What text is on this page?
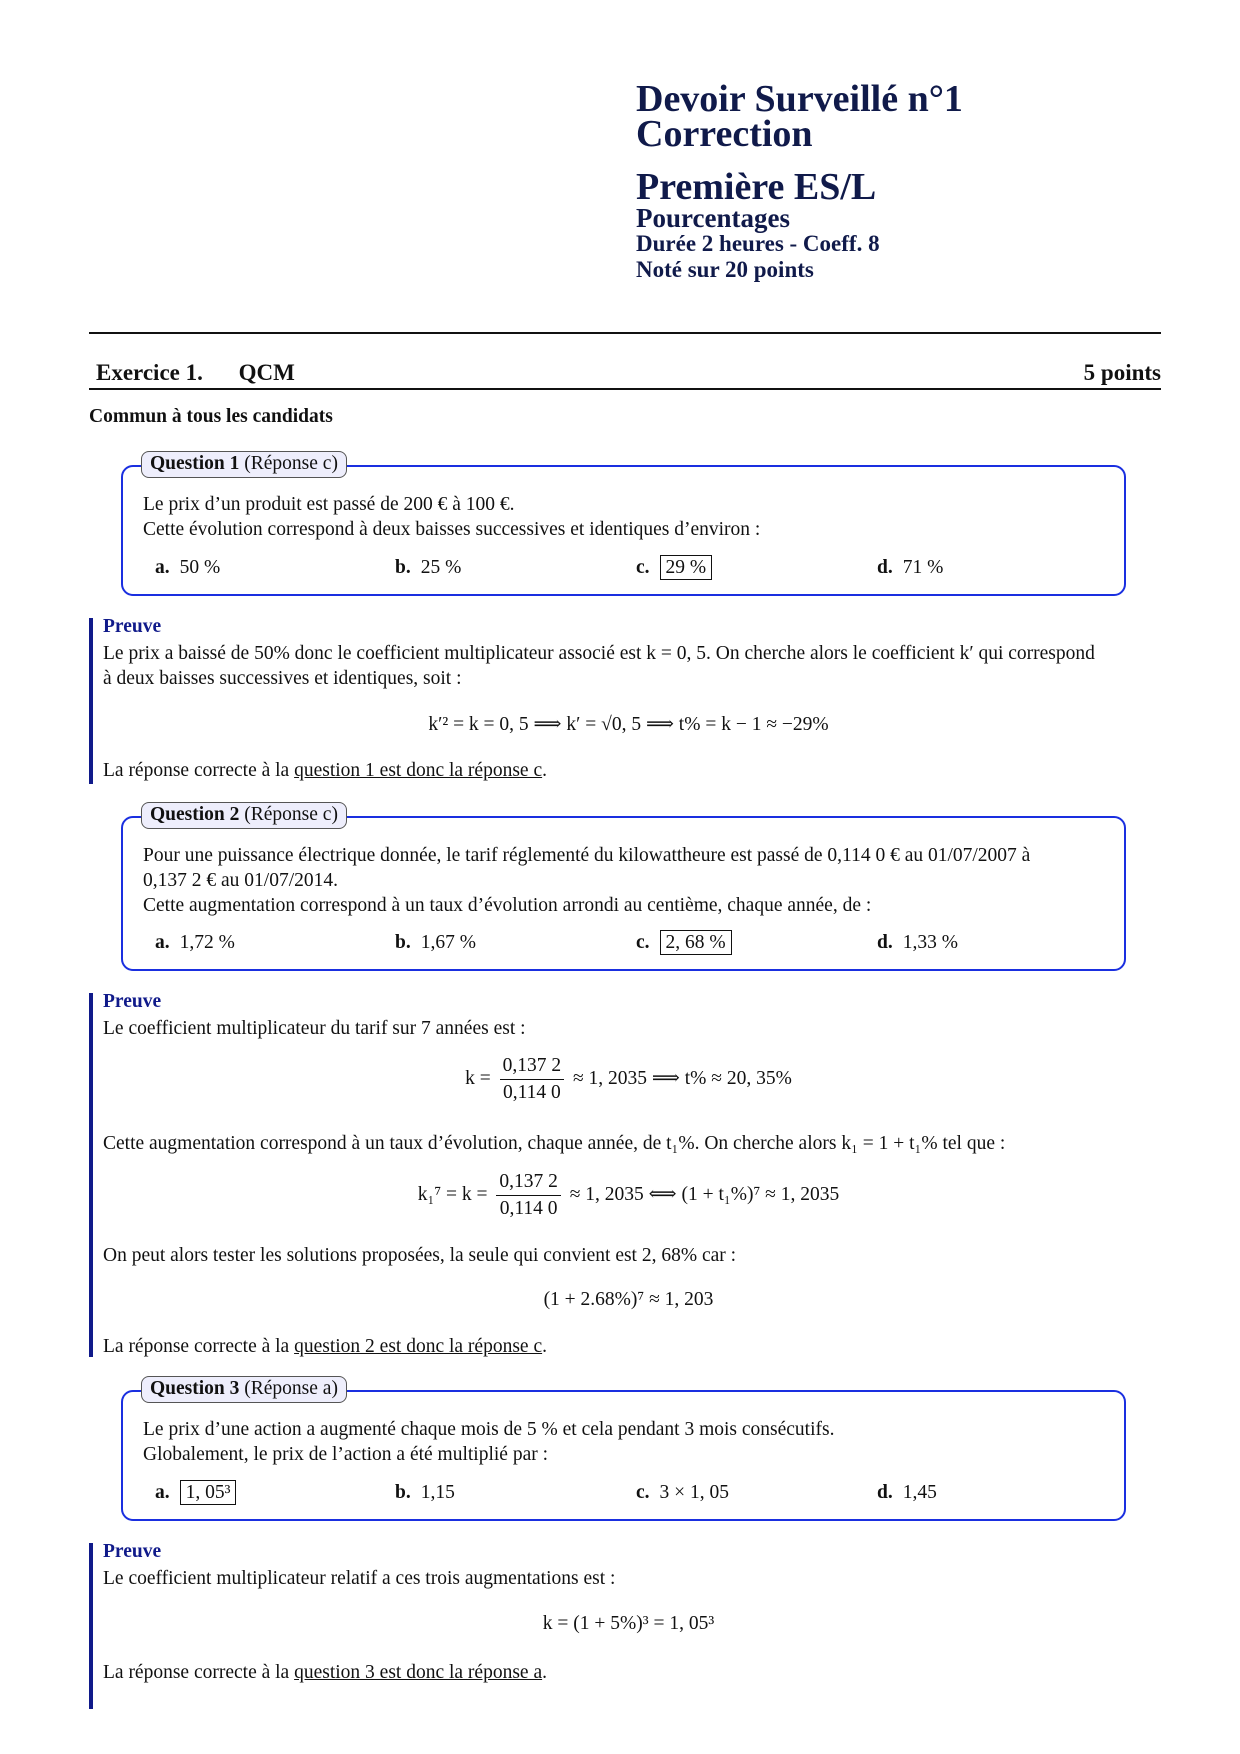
Devoir Surveillé n°1
Correction
Première ES/L
Pourcentages
Durée 2 heures - Coeff. 8
Noté sur 20 points
Exercice 1. QCM	5 points
Commun à tous les candidats
Question 1 (Réponse c)
Le prix d’un produit est passé de 200 € à 100 €.
Cette évolution correspond à deux baisses successives et identiques d’environ :
a. 50 %	b. 25 %	c. 29 %	d. 71 %
Preuve
Le prix a baissé de 50% donc le coefficient multiplicateur associé est k = 0, 5. On cherche alors le coefficient k′ qui correspond
à deux baisses successives et identiques, soit :
k′² = k = 0, 5 ⟹ k′ = √0, 5 ⟹ t% = k − 1 ≈ −29%
La réponse correcte à la question 1 est donc la réponse c.
Question 2 (Réponse c)
Pour une puissance électrique donnée, le tarif réglementé du kilowattheure est passé de 0,114 0 € au 01/07/2007 à
0,137 2 € au 01/07/2014.
Cette augmentation correspond à un taux d’évolution arrondi au centième, chaque année, de :
a. 1,72 %	b. 1,67 %	c. 2, 68 %	d. 1,33 %
Preuve
Le coefficient multiplicateur du tarif sur 7 années est :
$k = \frac{0,137 2}{0,114 0} \approx 1$, 2035 ⟹ t% ≈ 20, 35%
Cette augmentation correspond à un taux d’évolution, chaque année, de t₁%. On cherche alors k₁ = 1 + t₁% tel que :
$k_1^7 = k = \frac{0,137 2}{0,114 0} \approx 1$, 2035 ⟺ (1 + t₁%)⁷ ≈ 1, 2035
On peut alors tester les solutions proposées, la seule qui convient est 2, 68% car :
(1 + 2.68%)⁷ ≈ 1, 203
La réponse correcte à la question 2 est donc la réponse c.
Question 3 (Réponse a)
Le prix d’une action a augmenté chaque mois de 5 % et cela pendant 3 mois consécutifs.
Globalement, le prix de l’action a été multiplié par :
a. 1, 05³	b. 1,15	c. 3 × 1, 05	d. 1,45
Preuve
Le coefficient multiplicateur relatif a ces trois augmentations est :
k = (1 + 5%)³ = 1, 05³
La réponse correcte à la question 3 est donc la réponse a.
